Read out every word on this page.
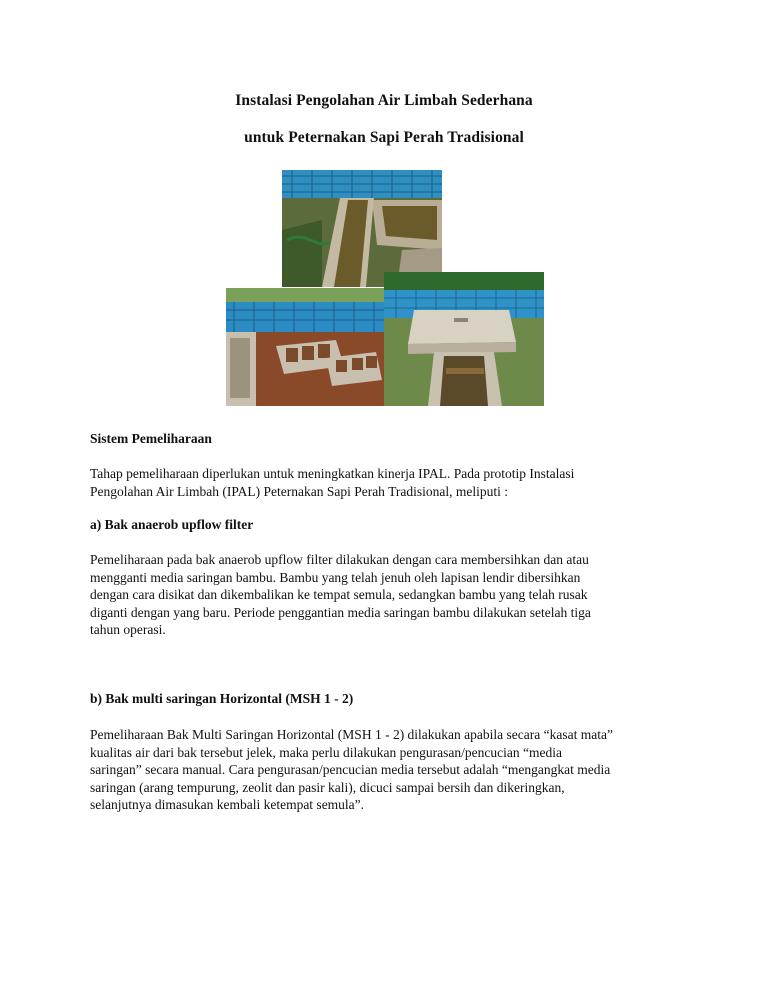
Instalasi Pengolahan Air Limbah Sederhana
untuk Peternakan Sapi Perah Tradisional
Sistem Pemeliharaan
Tahap pemeliharaan diperlukan untuk meningkatkan kinerja IPAL. Pada prototip Instalasi
Pengolahan Air Limbah (IPAL) Peternakan Sapi Perah Tradisional, meliputi :
a) Bak anaerob upflow filter
Pemeliharaan pada bak anaerob upflow filter dilakukan dengan cara membersihkan dan atau
mengganti media saringan bambu. Bambu yang telah jenuh oleh lapisan lendir dibersihkan
dengan cara disikat dan dikembalikan ke tempat semula, sedangkan bambu yang telah rusak
diganti dengan yang baru. Periode penggantian media saringan bambu dilakukan setelah tiga
tahun operasi.
b) Bak multi saringan Horizontal (MSH 1 - 2)
Pemeliharaan Bak Multi Saringan Horizontal (MSH 1 - 2) dilakukan apabila secara “kasat mata”
kualitas air dari bak tersebut jelek, maka perlu dilakukan pengurasan/pencucian “media
saringan” secara manual. Cara pengurasan/pencucian media tersebut adalah “mengangkat media
saringan (arang tempurung, zeolit dan pasir kali), dicuci sampai bersih dan dikeringkan,
selanjutnya dimasukan kembali ketempat semula”.
